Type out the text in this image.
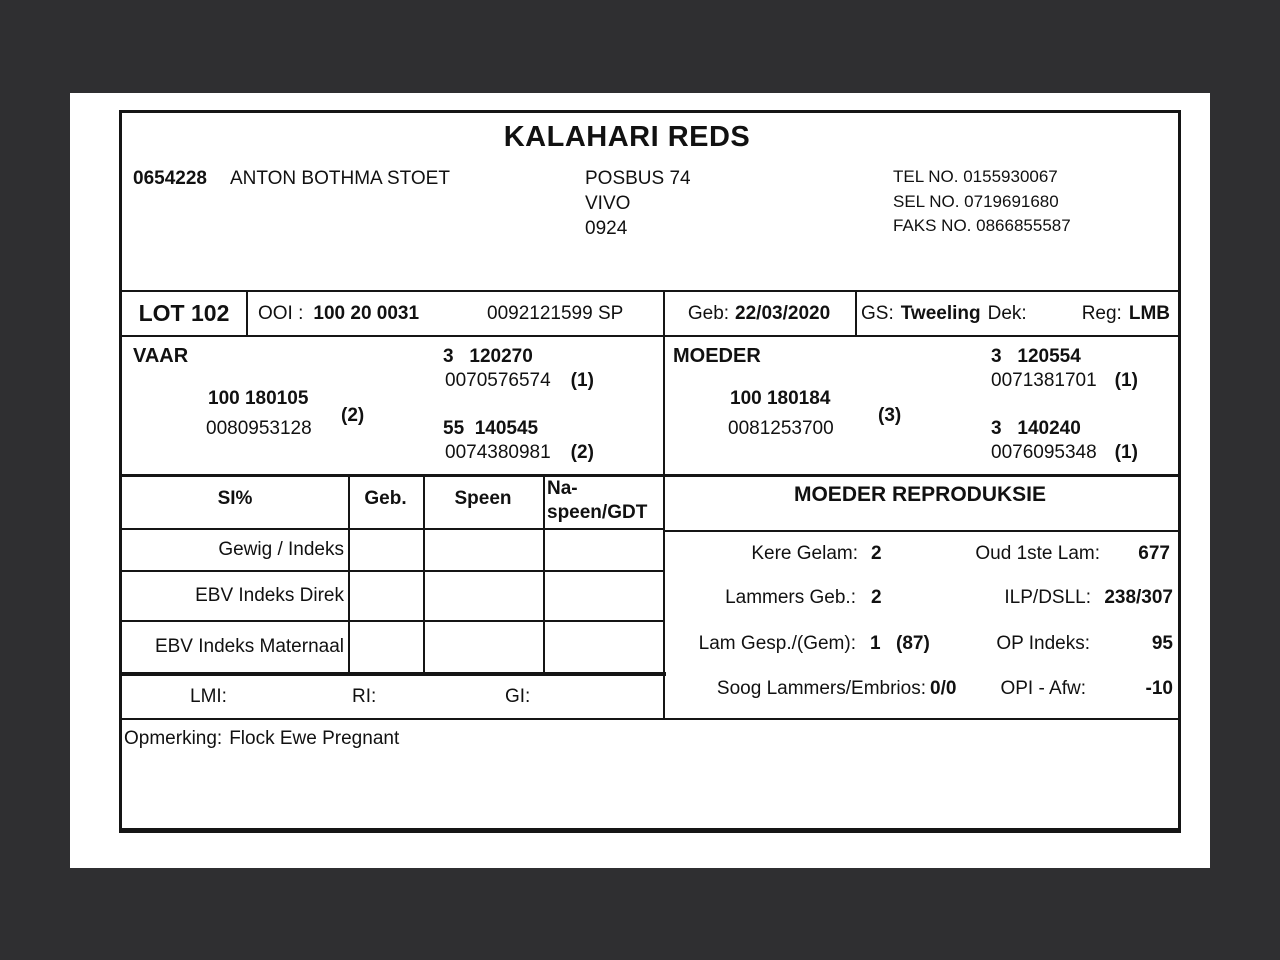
KALAHARI REDS
0654228 ANTON BOTHMA STOET	POSBUS 74
VIVO
0924
TEL NO. 0155930067
SEL NO. 0719691680
FAKS NO. 0866855587
LOT 102	OOI : 100 20 0031	0092121599 SP	Geb: 22/03/2020	GS: Tweeling Dek:	Reg: LMB
VAAR
100 180105
0080953128
(2)
3   120270
0070576574 (1)
55  140545
0074380981 (2)
MOEDER
100 180184
0081253700
(3)
3   120554
0071381701 (1)
3   140240
0076095348 (1)
SI%	Geb.	Speen	Na-speen/GDT
Gewig / Indeks
EBV Indeks Direk
EBV Indeks Maternaal
LMI:	RI:	GI:
MOEDER REPRODUKSIE
Kere Gelam: 2	Oud 1ste Lam: 677
Lammers Geb.: 2	ILP/DSLL: 238/307
Lam Gesp./(Gem): 1 (87)	OP Indeks:	95
Soog Lammers/Embrios: 0/0 OPI - Afw:	-10
Opmerking: Flock Ewe Pregnant
